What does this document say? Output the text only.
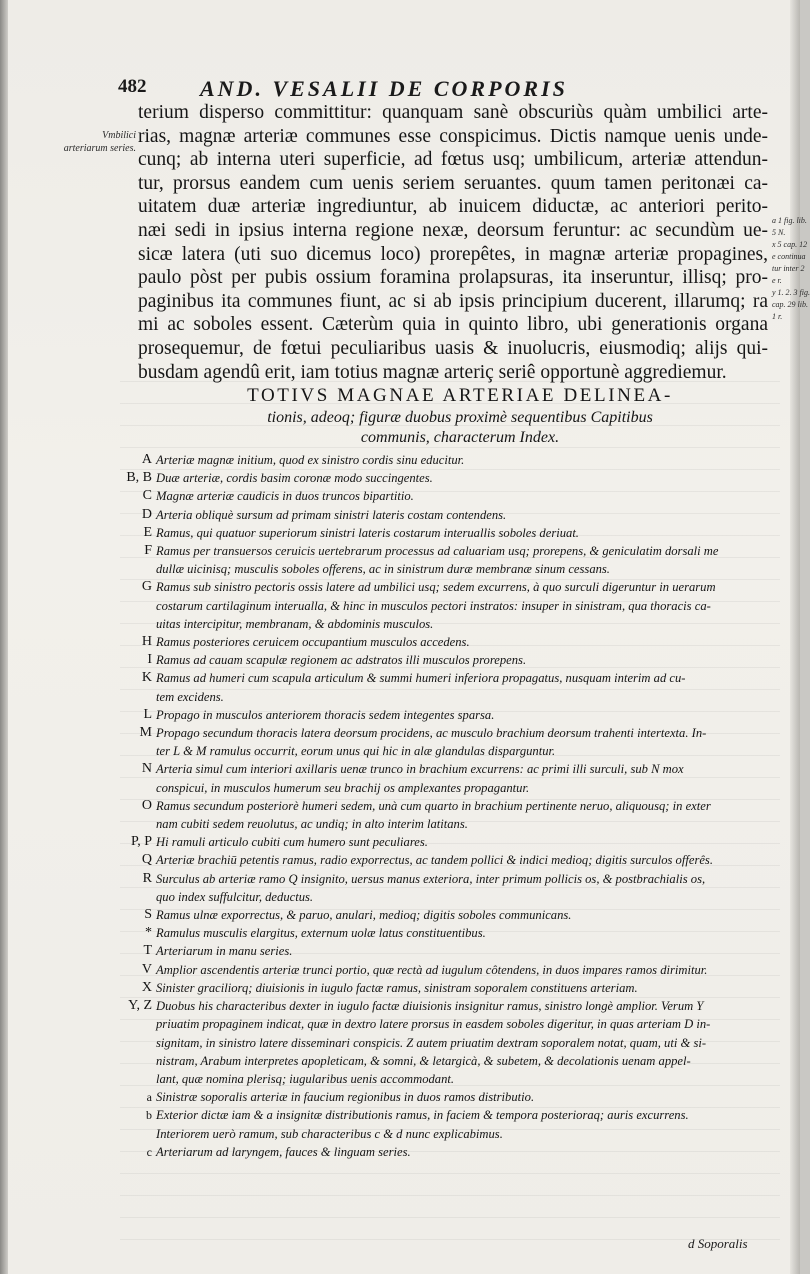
482 AND. VESALII DE CORPORIS
Vmbilici arteriarum series.
a 1 fig. lib.
5 N.
x 5 cap. 12
e continua
tur inter 2
e r.
y 1. 2. 3 fig.
cap. 29 lib.
1 r.
terium disperso committitur: quanquam sanè obscuriùs quàm umbilici arte-
rias, magnæ arteriæ communes esse conspicimus. Dictis namque uenis unde-
cunq; ab interna uteri superficie, ad fœtus usq; umbilicum, arteriæ attendun-
tur, prorsus eandem cum uenis seriem seruantes. quum tamen peritonæi ca-
uitatem duæ arteriæ ingrediuntur, ab inuicem diductæ, ac anteriori perito-
næi sedi in ipsius interna regione nexæ, deorsum feruntur: ac secundùm ue-
sicæ latera (uti suo dicemus loco) prorepêtes, in magnæ arteriæ propagines,
paulo pòst per pubis ossium foramina prolapsuras, ita inseruntur, illisq; pro-
paginibus ita communes fiunt, ac si ab ipsis principium ducerent, illarumq; ra
mi ac soboles essent. Cæterùm quia in quinto libro, ubi generationis organa
prosequemur, de fœtui peculiaribus uasis & inuolucris, eiusmodiq; alijs qui-
busdam agendû erit, iam totius magnæ arteriç seriê opportunè aggrediemur.
TOTIVS MAGNAE ARTERIAE DELINEA-
tionis, adeoq; figuræ duobus proximè sequentibus Capitibus
communis, characterum Index.
A Arteriæ magnæ initium, quod ex sinistro cordis sinu educitur.
B, B Duæ arteriæ, cordis basim coronæ modo succingentes.
C Magnæ arteriæ caudicis in duos truncos bipartitio.
D Arteria obliquè sursum ad primam sinistri lateris costam contendens.
E Ramus, qui quatuor superiorum sinistri lateris costarum interuallis soboles deriuat.
F Ramus per transuersos ceruicis uertebrarum processus ad caluariam usq; prorepens, & geniculatim dorsali me
dullæ uicinisq; musculis soboles offerens, ac in sinistrum duræ membranæ sinum cessans.
G Ramus sub sinistro pectoris ossis latere ad umbilici usq; sedem excurrens, à quo surculi digeruntur in uerarum
costarum cartilaginum interualla, & hinc in musculos pectori instratos: insuper in sinistram, qua thoracis ca-
uitas intercipitur, membranam, & abdominis musculos.
H Ramus posteriores ceruicem occupantium musculos accedens.
I Ramus ad cauam scapulæ regionem ac adstratos illi musculos prorepens.
K Ramus ad humeri cum scapula articulum & summi humeri inferiora propagatus, nusquam interim ad cu-
tem excidens.
L Propago in musculos anteriorem thoracis sedem integentes sparsa.
M Propago secundum thoracis latera deorsum procidens, ac musculo brachium deorsum trahenti intertexta. In-
ter L & M ramulus occurrit, eorum unus qui hic in alæ glandulas disparguntur.
N Arteria simul cum interiori axillaris uenæ trunco in brachium excurrens: ac primi illi surculi, sub N mox
conspicui, in musculos humerum seu brachij os amplexantes propagantur.
O Ramus secundum posteriorè humeri sedem, unà cum quarto in brachium pertinente neruo, aliquousq; in exter
nam cubiti sedem reuolutus, ac undiq; in alto interim latitans.
P, P Hi ramuli articulo cubiti cum humero sunt peculiares.
Q Arteriæ brachiū petentis ramus, radio exporrectus, ac tandem pollici & indici medioq; digitis surculos offerês.
R Surculus ab arteriæ ramo Q insignito, uersus manus exteriora, inter primum pollicis os, & postbrachialis os,
quo index suffulcitur, deductus.
S Ramus ulnæ exporrectus, & paruo, anulari, medioq; digitis soboles communicans.
* Ramulus musculis elargitus, externum uolæ latus constituentibus.
T Arteriarum in manu series.
V Amplior ascendentis arteriæ trunci portio, quæ rectà ad iugulum côtendens, in duos impares ramos dirimitur.
X Sinister graciliorq; diuisionis in iugulo factæ ramus, sinistram soporalem constituens arteriam.
Y, Z Duobus his characteribus dexter in iugulo factæ diuisionis insignitur ramus, sinistro longè amplior. Verum Y
priuatim propaginem indicat, quæ in dextro latere prorsus in easdem soboles digeritur, in quas arteriam D in-
signitam, in sinistro latere disseminari conspicis. Z autem priuatim dextram soporalem notat, quam, uti & si-
nistram, Arabum interpretes apopleticam, & somni, & letargicà, & subetem, & decolationis uenam appel-
lant, quæ nomina plerisq; iugularibus uenis accommodant.
a Sinistræ soporalis arteriæ in faucium regionibus in duos ramos distributio.
b Exterior dictæ iam & a insignitæ distributionis ramus, in faciem & tempora posterioraq; auris excurrens.
Interiorem uerò ramum, sub characteribus c & d nunc explicabimus.
c Arteriarum ad laryngem, fauces & linguam series.
d Soporalis
